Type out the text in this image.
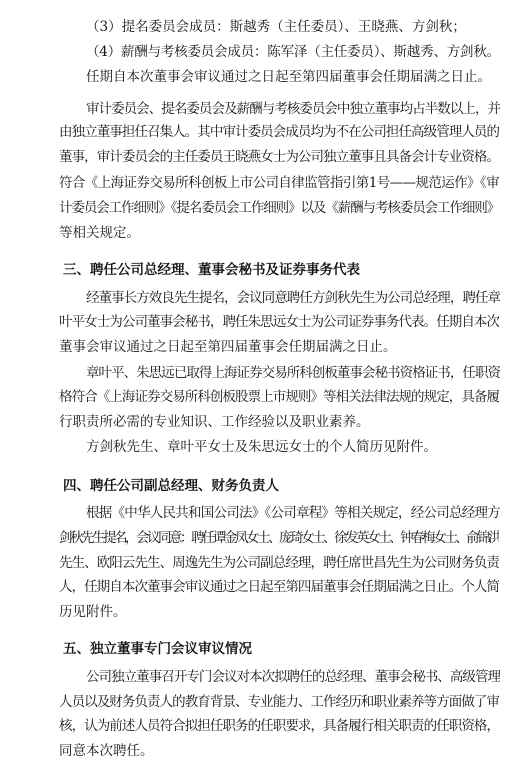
（3）提名委员会成员：斯越秀（主任委员）、王晓燕、方剑秋；
（4）薪酬与考核委员会成员：陈军泽（主任委员）、斯越秀、方剑秋。
任期自本次董事会审议通过之日起至第四届董事会任期届满之日止。
审计委员会、提名委员会及薪酬与考核委员会中独立董事均占半数以上，并
由独立董事担任召集人。其中审计委员会成员均为不在公司担任高级管理人员的
董事，审计委员会的主任委员王晓燕女士为公司独立董事且具备会计专业资格。
符合《上海证券交易所科创板上市公司自律监管指引第1号——规范运作》《审
计委员会工作细则》《提名委员会工作细则》以及《薪酬与考核委员会工作细则》
等相关规定。
三、聘任公司总经理、董事会秘书及证券事务代表
经董事长方效良先生提名，会议同意聘任方剑秋先生为公司总经理，聘任章
叶平女士为公司董事会秘书，聘任朱思远女士为公司证券事务代表。任期自本次
董事会审议通过之日起至第四届董事会任期届满之日止。
章叶平、朱思远已取得上海证券交易所科创板董事会秘书资格证书，任职资
格符合《上海证券交易所科创板股票上市规则》等相关法律法规的规定，具备履
行职责所必需的专业知识、工作经验以及职业素养。
方剑秋先生、章叶平女士及朱思远女士的个人简历见附件。
四、聘任公司副总经理、财务负责人
根据《中华人民共和国公司法》《公司章程》等相关规定，经公司总经理方
剑秋先生提名，会议同意：聘任谭金凤女士、庞琦女士、徐发英女士、钟春梅女士、俞锦洪
先生、欧阳云先生、周逸先生为公司副总经理，聘任席世昌先生为公司财务负责
人，任期自本次董事会审议通过之日起至第四届董事会任期届满之日止。个人简
历见附件。
五、独立董事专门会议审议情况
公司独立董事召开专门会议对本次拟聘任的总经理、董事会秘书、高级管理
人员以及财务负责人的教育背景、专业能力、工作经历和职业素养等方面做了审
核，认为前述人员符合拟担任职务的任职要求，具备履行相关职责的任职资格，
同意本次聘任。
